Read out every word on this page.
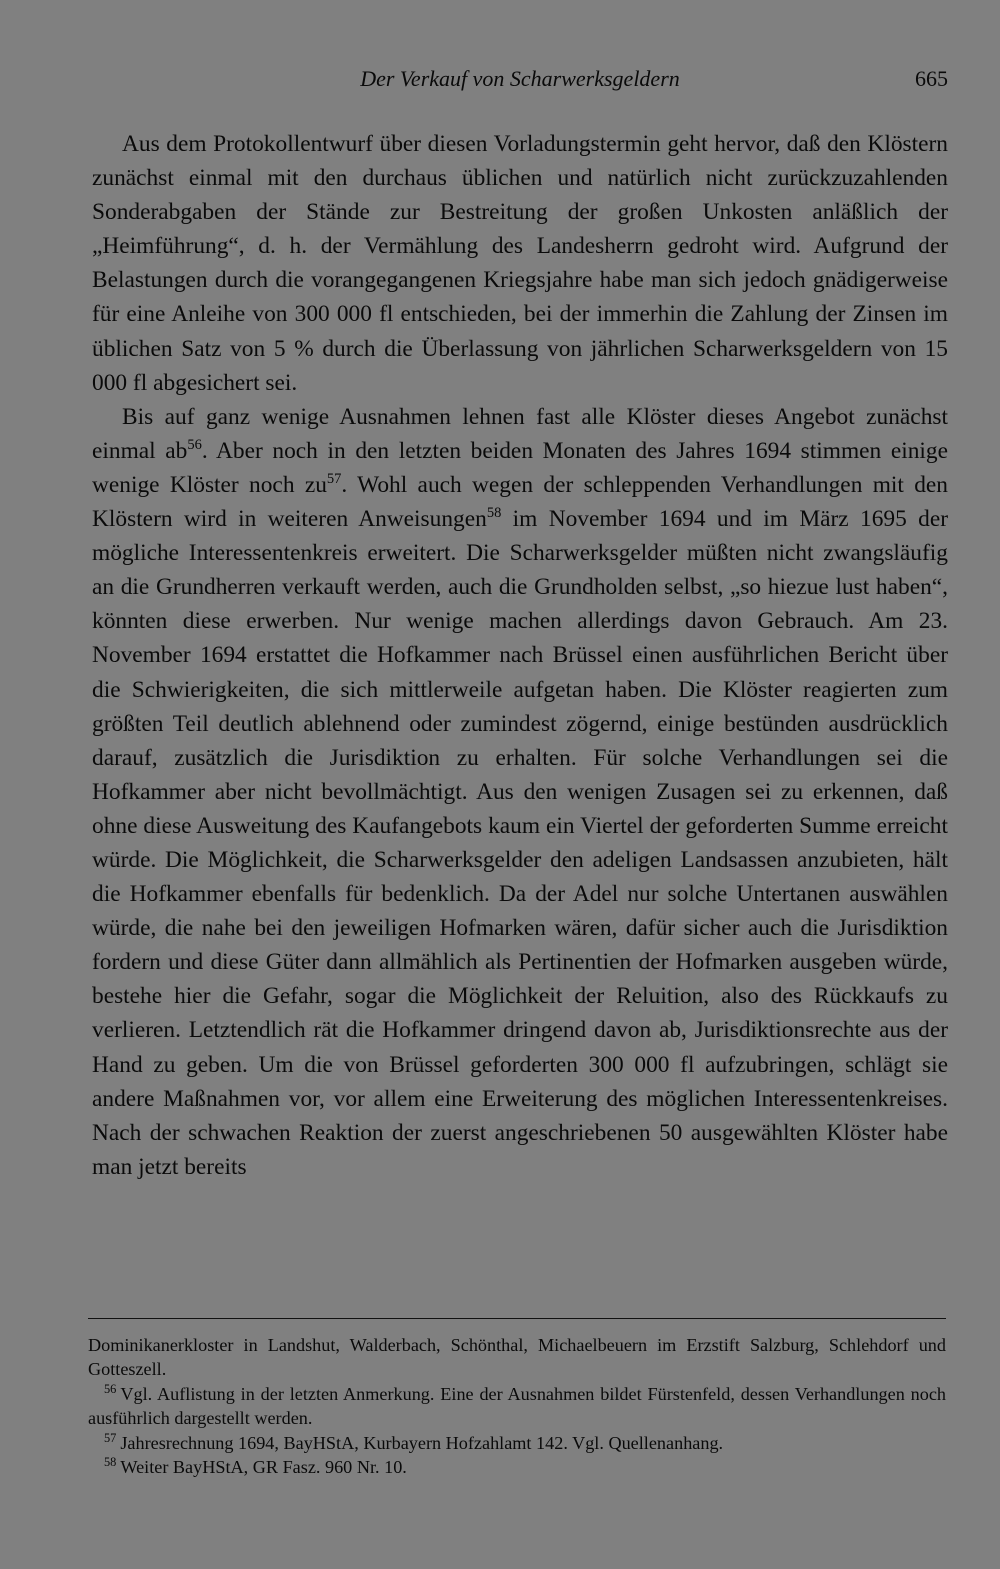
Der Verkauf von Scharwerksgeldern	665

Aus dem Protokollentwurf über diesen Vorladungstermin geht hervor, daß den Klöstern zunächst einmal mit den durchaus üblichen und natürlich nicht zurückzuzahlenden Sonderabgaben der Stände zur Bestreitung der großen Unkosten anläßlich der „Heimführung“, d. h. der Vermählung des Landesherrn gedroht wird. Aufgrund der Belastungen durch die vorangegangenen Kriegsjahre habe man sich jedoch gnädigerweise für eine Anleihe von 300 000 fl entschieden, bei der immerhin die Zahlung der Zinsen im üblichen Satz von 5 % durch die Überlassung von jährlichen Scharwerksgeldern von 15 000 fl abgesichert sei.

Bis auf ganz wenige Ausnahmen lehnen fast alle Klöster dieses Angebot zunächst einmal $ab^{56}$. Aber noch in den letzten beiden Monaten des Jahres 1694 stimmen einige wenige Klöster noch $zu^{57}$. Wohl auch wegen der schleppenden Verhandlungen mit den Klöstern wird in weiteren Anweisungen$^{58}$ im November 1694 und im März 1695 der mögliche Interessentenkreis erweitert. Die Scharwerksgelder müßten nicht zwangsläufig an die Grundherren verkauft werden, auch die Grundholden selbst, „so hiezue lust haben“, könnten diese erwerben. Nur wenige machen allerdings davon Gebrauch. Am 23. November 1694 erstattet die Hofkammer nach Brüssel einen ausführlichen Bericht über die Schwierigkeiten, die sich mittlerweile aufgetan haben. Die Klöster reagierten zum größten Teil deutlich ablehnend oder zumindest zögernd, einige bestünden ausdrücklich darauf, zusätzlich die Jurisdiktion zu erhalten. Für solche Verhandlungen sei die Hofkammer aber nicht bevollmächtigt. Aus den wenigen Zusagen sei zu erkennen, daß ohne diese Ausweitung des Kaufangebots kaum ein Viertel der geforderten Summe erreicht würde. Die Möglichkeit, die Scharwerksgelder den adeligen Landsassen anzubieten, hält die Hofkammer ebenfalls für bedenklich. Da der Adel nur solche Untertanen auswählen würde, die nahe bei den jeweiligen Hofmarken wären, dafür sicher auch die Jurisdiktion fordern und diese Güter dann allmählich als Pertinentien der Hofmarken ausgeben würde, bestehe hier die Gefahr, sogar die Möglichkeit der Reluition, also des Rückkaufs zu verlieren. Letztendlich rät die Hofkammer dringend davon ab, Jurisdiktionsrechte aus der Hand zu geben. Um die von Brüssel geforderten 300 000 fl aufzubringen, schlägt sie andere Maßnahmen vor, vor allem eine Erweiterung des möglichen Interessentenkreises. Nach der schwachen Reaktion der zuerst angeschriebenen 50 ausgewählten Klöster habe man jetzt bereits

Dominikanerkloster in Landshut, Walderbach, Schönthal, Michaelbeuern im Erzstift Salzburg, Schlehdorf und Gotteszell.

$^{56}$ Vgl. Auflistung in der letzten Anmerkung. Eine der Ausnahmen bildet Fürstenfeld, dessen Verhandlungen noch ausführlich dargestellt werden.

$^{57}$ Jahresrechnung 1694, BayHStA, Kurbayern Hofzahlamt 142. Vgl. Quellenanhang.

$^{58}$ Weiter BayHStA, GR Fasz. 960 Nr. 10.
